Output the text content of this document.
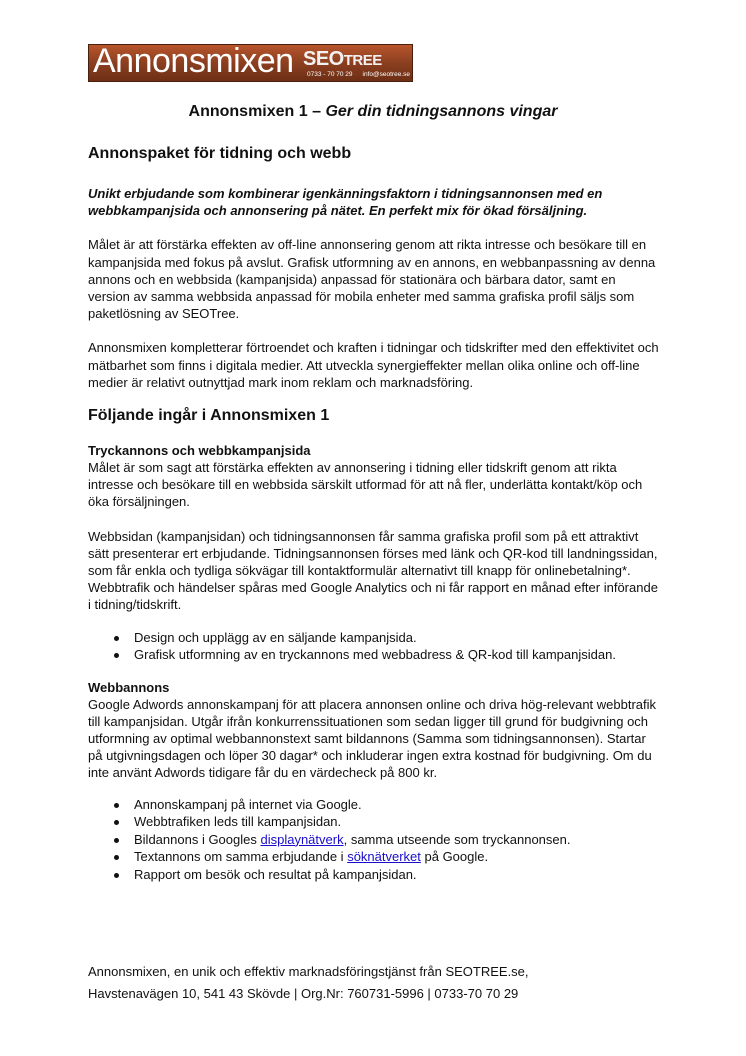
Annonsmixen SEOTREE
0733 - 70 70 29 info@seotree.se
Annonsmixen 1 – Ger din tidningsannons vingar
Annonspaket för tidning och webb

Unikt erbjudande som kombinerar igenkänningsfaktorn i tidningsannonsen med en webbkampanjsida och annonsering på nätet. En perfekt mix för ökad försäljning.

Målet är att förstärka effekten av off-line annonsering genom att rikta intresse och besökare till en kampanjsida med fokus på avslut. Grafisk utformning av en annons, en webbanpassning av denna annons och en webbsida (kampanjsida) anpassad för stationära och bärbara dator, samt en version av samma webbsida anpassad för mobila enheter med samma grafiska profil säljs som paketlösning av SEOTree.

Annonsmixen kompletterar förtroendet och kraften i tidningar och tidskrifter med den effektivitet och mätbarhet som finns i digitala medier. Att utveckla synergieffekter mellan olika online och off-line medier är relativt outnyttjad mark inom reklam och marknadsföring.

Följande ingår i Annonsmixen 1
Tryckannons och webbkampanjsida

Målet är som sagt att förstärka effekten av annonsering i tidning eller tidskrift genom att rikta intresse och besökare till en webbsida särskilt utformad för att nå fler, underlätta kontakt/köp och öka försäljningen.

Webbsidan (kampanjsidan) och tidningsannonsen får samma grafiska profil som på ett attraktivt sätt presenterar ert erbjudande. Tidningsannonsen förses med länk och QR-kod till landningssidan, som får enkla och tydliga sökvägar till kontaktformulär alternativt till knapp för onlinebetalning*. Webbtrafik och händelser spåras med Google Analytics och ni får rapport en månad efter införande i tidning/tidskrift.

Design och upplägg av en säljande kampanjsida.
Grafisk utformning av en tryckannons med webbadress & QR-kod till kampanjsidan.
Webbannons

Google Adwords annonskampanj för att placera annonsen online och driva hög-relevant webbtrafik till kampanjsidan. Utgår ifrån konkurrenssituationen som sedan ligger till grund för budgivning och utformning av optimal webbannonstext samt bildannons (Samma som tidningsannonsen). Startar på utgivningsdagen och löper 30 dagar* och inkluderar ingen extra kostnad för budgivning. Om du inte använt Adwords tidigare får du en värdecheck på 800 kr.

Annonskampanj på internet via Google.
Webbtrafiken leds till kampanjsidan.
Bildannons i Googles displaynätverk, samma utseende som tryckannonsen.
Textannons om samma erbjudande i söknätverket på Google.
Rapport om besök och resultat på kampanjsidan.

Annonsmixen, en unik och effektiv marknadsföringstjänst från SEOTREE.se,

Havstenavägen 10, 541 43 Skövde | Org.Nr: 760731-5996 | 0733-70 70 29
